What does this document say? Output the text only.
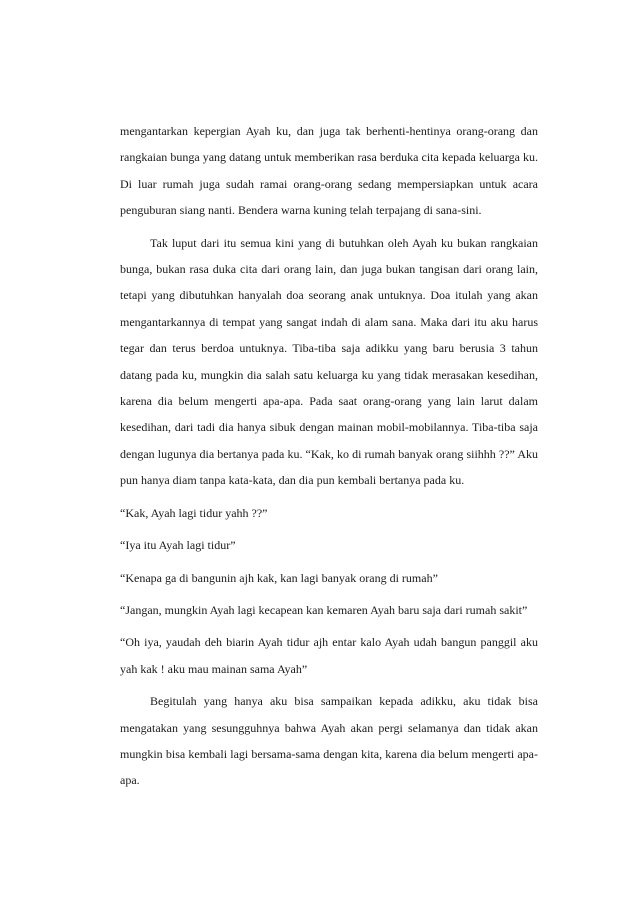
mengantarkan kepergian Ayah ku, dan juga tak berhenti-hentinya orang-orang dan rangkaian bunga yang datang untuk memberikan rasa berduka cita kepada keluarga ku. Di luar rumah juga sudah ramai orang-orang sedang mempersiapkan untuk acara penguburan siang nanti. Bendera warna kuning telah terpajang di sana-sini.

Tak luput dari itu semua kini yang di butuhkan oleh Ayah ku bukan rangkaian bunga, bukan rasa duka cita dari orang lain, dan juga bukan tangisan dari orang lain, tetapi yang dibutuhkan hanyalah doa seorang anak untuknya. Doa itulah yang akan mengantarkannya di tempat yang sangat indah di alam sana. Maka dari itu aku harus tegar dan terus berdoa untuknya. Tiba-tiba saja adikku yang baru berusia 3 tahun datang pada ku, mungkin dia salah satu keluarga ku yang tidak merasakan kesedihan, karena dia belum mengerti apa-apa. Pada saat orang-orang yang lain larut dalam kesedihan, dari tadi dia hanya sibuk dengan mainan mobil-mobilannya. Tiba-tiba saja dengan lugunya dia bertanya pada ku. “Kak, ko di rumah banyak orang siihhh ??” Aku pun hanya diam tanpa kata-kata, dan dia pun kembali bertanya pada ku.

“Kak, Ayah lagi tidur yahh ??”

“Iya itu Ayah lagi tidur”

“Kenapa ga di bangunin ajh kak, kan lagi banyak orang di rumah”

“Jangan, mungkin Ayah lagi kecapean kan kemaren Ayah baru saja dari rumah sakit”

“Oh iya, yaudah deh biarin Ayah tidur ajh entar kalo Ayah udah bangun panggil aku yah kak ! aku mau mainan sama Ayah”

Begitulah yang hanya aku bisa sampaikan kepada adikku, aku tidak bisa mengatakan yang sesungguhnya bahwa Ayah akan pergi selamanya dan tidak akan mungkin bisa kembali lagi bersama-sama dengan kita, karena dia belum mengerti apa-apa.
